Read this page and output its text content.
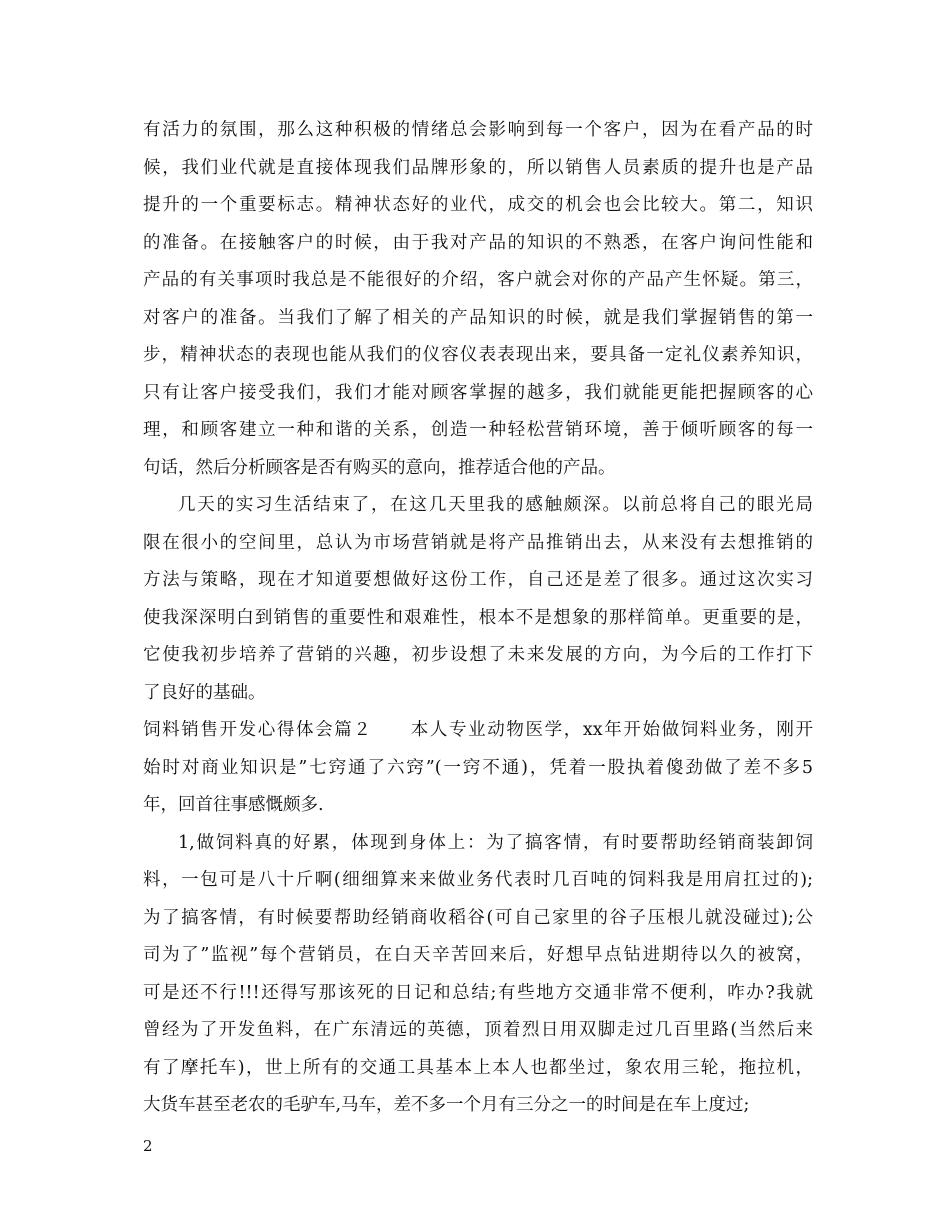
有活力的氛围，那么这种积极的情绪总会影响到每一个客户，因为在看产品的时
候，我们业代就是直接体现我们品牌形象的，所以销售人员素质的提升也是产品
提升的一个重要标志。精神状态好的业代，成交的机会也会比较大。第二，知识
的准备。在接触客户的时候，由于我对产品的知识的不熟悉，在客户询问性能和
产品的有关事项时我总是不能很好的介绍，客户就会对你的产品产生怀疑。第三，
对客户的准备。当我们了解了相关的产品知识的时候，就是我们掌握销售的第一
步，精神状态的表现也能从我们的仪容仪表表现出来，要具备一定礼仪素养知识，
只有让客户接受我们，我们才能对顾客掌握的越多，我们就能更能把握顾客的心
理，和顾客建立一种和谐的关系，创造一种轻松营销环境，善于倾听顾客的每一
句话，然后分析顾客是否有购买的意向，推荐适合他的产品。
几天的实习生活结束了，在这几天里我的感触颇深。以前总将自己的眼光局
限在很小的空间里，总认为市场营销就是将产品推销出去，从来没有去想推销的
方法与策略，现在才知道要想做好这份工作，自己还是差了很多。通过这次实习
使我深深明白到销售的重要性和艰难性，根本不是想象的那样简单。更重要的是，
它使我初步培养了营销的兴趣，初步设想了未来发展的方向，为今后的工作打下
了良好的基础。
饲料销售开发心得体会篇２　　本人专业动物医学，xx年开始做饲料业务，刚开
始时对商业知识是”七窍通了六窍”(一窍不通)，凭着一股执着傻劲做了差不多5
年，回首往事感慨颇多.
1,做饲料真的好累，体现到身体上：为了搞客情，有时要帮助经销商装卸饲
料，一包可是八十斤啊(细细算来来做业务代表时几百吨的饲料我是用肩扛过的);
为了搞客情，有时候要帮助经销商收稻谷(可自己家里的谷子压根儿就没碰过);公
司为了”监视”每个营销员，在白天辛苦回来后，好想早点钻进期待以久的被窝，
可是还不行!!!还得写那该死的日记和总结;有些地方交通非常不便利，咋办?我就
曾经为了开发鱼料，在广东清远的英德，顶着烈日用双脚走过几百里路(当然后来
有了摩托车)，世上所有的交通工具基本上本人也都坐过，象农用三轮，拖拉机，
大货车甚至老农的毛驴车,马车，差不多一个月有三分之一的时间是在车上度过;
2
